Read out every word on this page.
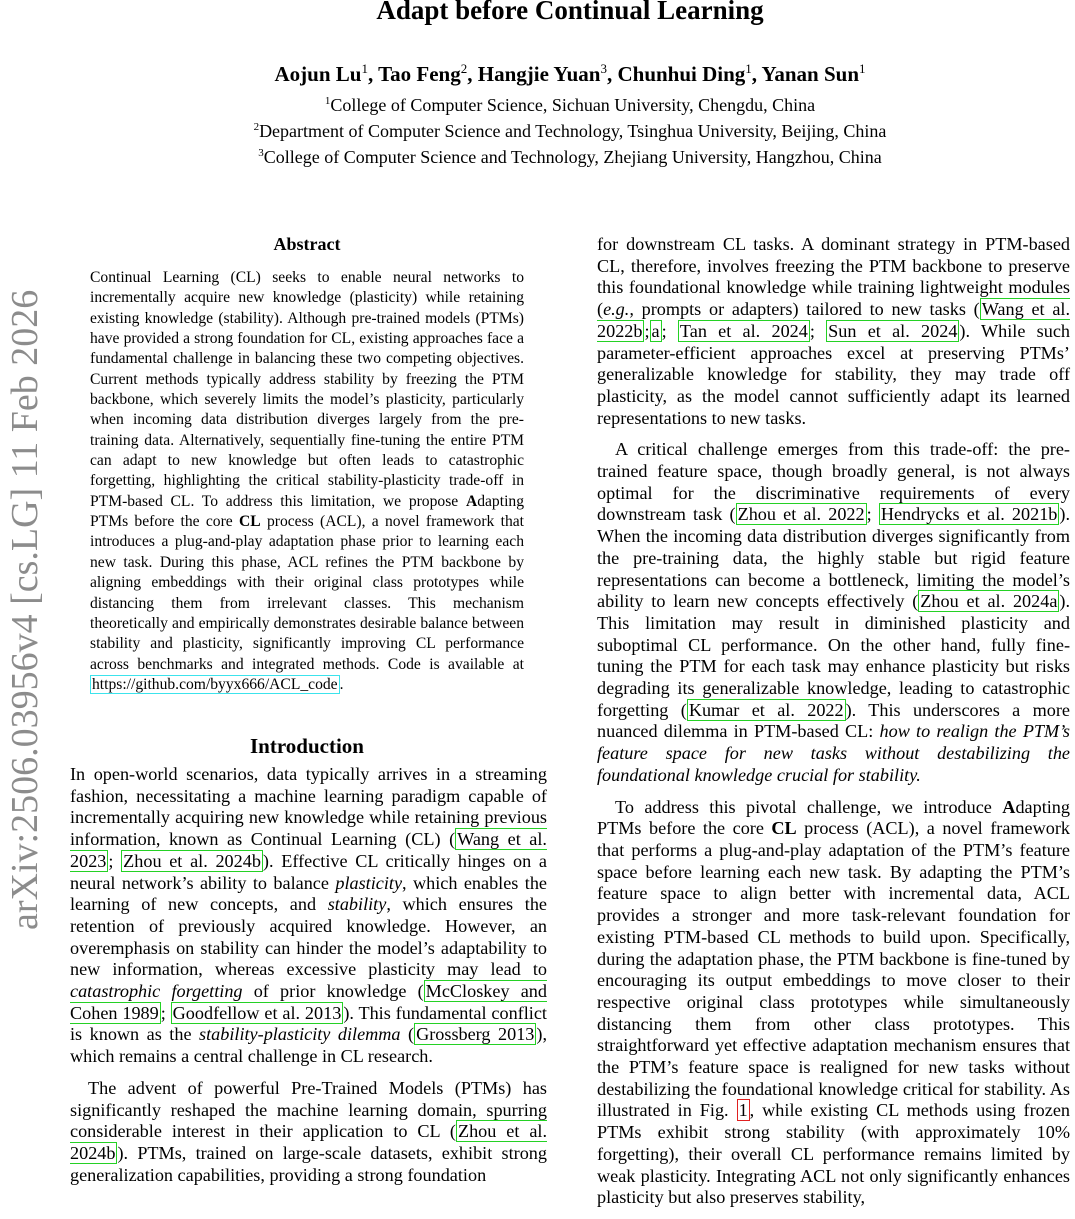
Adapt before Continual Learning
Aojun Lu$^1$, Tao Feng$^2$, Hangjie Yuan$^3$, Chunhui Ding$^1$, Yanan Sun$^1$
$^1$College of Computer Science, Sichuan University, Chengdu, China
$^2$Department of Computer Science and Technology, Tsinghua University, Beijing, China
$^3$College of Computer Science and Technology, Zhejiang University, Hangzhou, China
arXiv:2506.03956v4 [cs.LG] 11 Feb 2026
Abstract
Continual Learning (CL) seeks to enable neural networks to incrementally acquire new knowledge (plasticity) while retaining existing knowledge (stability). Although pre-trained models (PTMs) have provided a strong foundation for CL, existing approaches face a fundamental challenge in balancing these two competing objectives. Current methods typically address stability by freezing the PTM backbone, which severely limits the model’s plasticity, particularly when incoming data distribution diverges largely from the pre-training data. Alternatively, sequentially fine-tuning the entire PTM can adapt to new knowledge but often leads to catastrophic forgetting, highlighting the critical stability-plasticity trade-off in PTM-based CL. To address this limitation, we propose Adapting PTMs before the core CL process (ACL), a novel framework that introduces a plug-and-play adaptation phase prior to learning each new task. During this phase, ACL refines the PTM backbone by aligning embeddings with their original class prototypes while distancing them from irrelevant classes. This mechanism theoretically and empirically demonstrates desirable balance between stability and plasticity, significantly improving CL performance across benchmarks and integrated methods. Code is available at https://github.com/byyx666/ACL_code .
Introduction

In open-world scenarios, data typically arrives in a streaming fashion, necessitating a machine learning paradigm capable of incrementally acquiring new knowledge while retaining previous information, known as Continual Learning (CL) ( Wang et al. 2023 ; Zhou et al. 2024b ). Effective CL critically hinges on a neural network’s ability to balance plasticity, which enables the learning of new concepts, and stability, which ensures the retention of previously acquired knowledge. However, an overemphasis on stability can hinder the model’s adaptability to new information, whereas excessive plasticity may lead to catastrophic forgetting of prior knowledge ( McCloskey and Cohen 1989 ; Goodfellow et al. 2013 ). This fundamental conflict is known as the stability-plasticity dilemma ( Grossberg 2013 ), which remains a central challenge in CL research.

The advent of powerful Pre-Trained Models (PTMs) has significantly reshaped the machine learning domain, spurring considerable interest in their application to CL ( Zhou et al. 2024b ). PTMs, trained on large-scale datasets, exhibit strong generalization capabilities, providing a strong foundation

for downstream CL tasks. A dominant strategy in PTM-based CL, therefore, involves freezing the PTM backbone to preserve this foundational knowledge while training lightweight modules (e.g., prompts or adapters) tailored to new tasks ( Wang et al. 2022b ; a ; Tan et al. 2024 ; Sun et al. 2024 ). While such parameter-efficient approaches excel at preserving PTMs’ generalizable knowledge for stability, they may trade off plasticity, as the model cannot sufficiently adapt its learned representations to new tasks.

A critical challenge emerges from this trade-off: the pre-trained feature space, though broadly general, is not always optimal for the discriminative requirements of every downstream task ( Zhou et al. 2022 ; Hendrycks et al. 2021b ). When the incoming data distribution diverges significantly from the pre-training data, the highly stable but rigid feature representations can become a bottleneck, limiting the model’s ability to learn new concepts effectively ( Zhou et al. 2024a ). This limitation may result in diminished plasticity and suboptimal CL performance. On the other hand, fully fine-tuning the PTM for each task may enhance plasticity but risks degrading its generalizable knowledge, leading to catastrophic forgetting ( Kumar et al. 2022 ). This underscores a more nuanced dilemma in PTM-based CL: how to realign the PTM’s feature space for new tasks without destabilizing the foundational knowledge crucial for stability.

To address this pivotal challenge, we introduce Adapting PTMs before the core CL process (ACL), a novel framework that performs a plug-and-play adaptation of the PTM’s feature space before learning each new task. By adapting the PTM’s feature space to align better with incremental data, ACL provides a stronger and more task-relevant foundation for existing PTM-based CL methods to build upon. Specifically, during the adaptation phase, the PTM backbone is fine-tuned by encouraging its output embeddings to move closer to their respective original class prototypes while simultaneously distancing them from other class prototypes. This straightforward yet effective adaptation mechanism ensures that the PTM’s feature space is realigned for new tasks without destabilizing the foundational knowledge critical for stability. As illustrated in Fig. 1 , while existing CL methods using frozen PTMs exhibit strong stability (with approximately 10% forgetting), their overall CL performance remains limited by weak plasticity. Integrating ACL not only significantly enhances plasticity but also preserves stability,
